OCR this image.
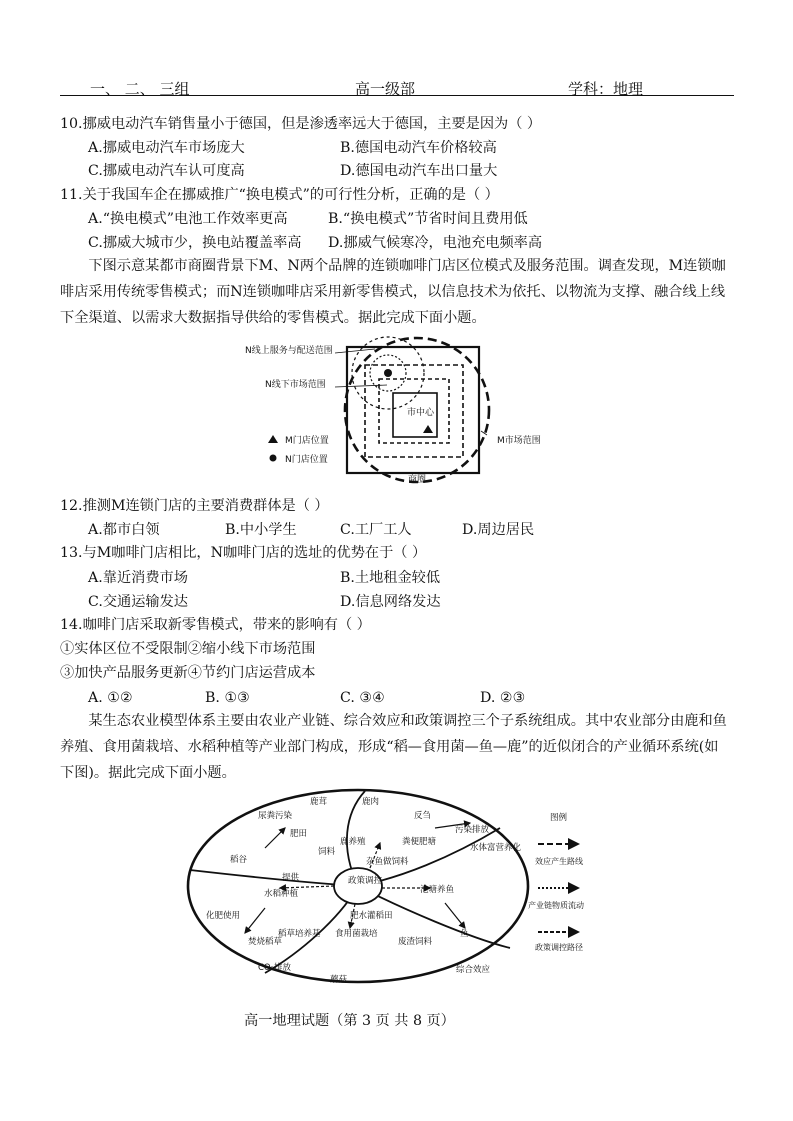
一、 二、 三组	高一级部	学科：地理
10.挪威电动汽车销售量小于德国，但是渗透率远大于德国，主要是因为（ ）
A.挪威电动汽车市场庞大	B.德国电动汽车价格较高
C.挪威电动汽车认可度高	D.德国电动汽车出口量大
11.关于我国车企在挪威推广“换电模式”的可行性分析，正确的是（ ）
A.“换电模式”电池工作效率更高	B.“换电模式”节省时间且费用低
C.挪威大城市少，换电站覆盖率高 D.挪威气候寒冷，电池充电频率高
下图示意某都市商圈背景下M、N两个品牌的连锁咖啡门店区位模式及服务范围。调查发现，M连锁咖啡店采用传统零售模式；而N连锁咖啡店采用新零售模式，以信息技术为依托、以物流为支撑、融合线上线下全渠道、以需求大数据指导供给的零售模式。据此完成下面小题。
N线上服务与配送范围
N线下市场范围
市中心
M市场范围
M门店位置
N门店位置
商圈
12.推测M连锁门店的主要消费群体是（ ）
A.都市白领	B.中小学生	C.工厂工人	D.周边居民
13.与M咖啡门店相比，N咖啡门店的选址的优势在于（ ）
A.靠近消费市场	B.土地租金较低
C.交通运输发达	D.信息网络发达
14.咖啡门店采取新零售模式，带来的影响有（ ）
①实体区位不受限制②缩小线下市场范围
③加快产品服务更新④节约门店运营成本
A. ①②	B. ①③	C. ③④	D. ②③
某生态农业模型体系主要由农业产业链、综合效应和政策调控三个子系统组成。其中农业部分由鹿和鱼养殖、食用菌栽培、水稻种植等产业部门构成，形成“稻—食用菌—鱼—鹿”的近似闭合的产业循环系统(如下图)。据此完成下面小题。
政策调控
鹿茸	鹿肉
尿粪污染	反刍
污染排放
肥田
鹿养殖	粪便肥塘
饲料
稻谷	杂鱼做饲料
水体富营养化
提供
水稻种植	池塘养鱼
化肥使用	肥水灌稻田
鱼
焚烧稻草
稻草培养基 食用菌栽培
废渣饲料
CO₂排放
蘑菇
综合效应
图例
效应产生路线
产业链物质流动
政策调控路径
高一地理试题（第 3 页 共 8 页）
